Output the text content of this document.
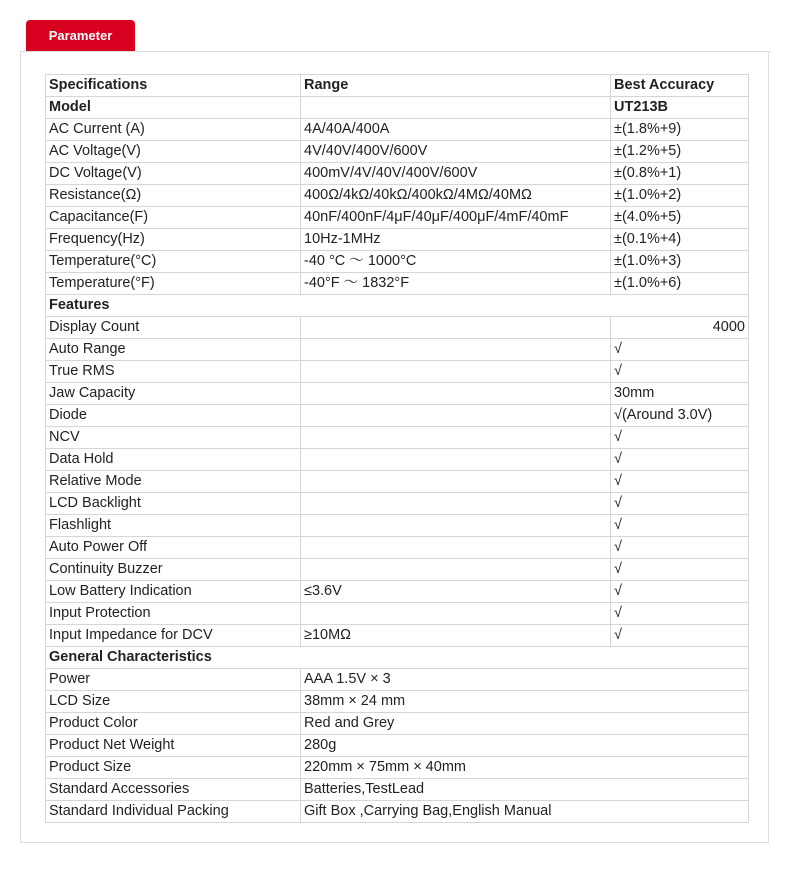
Parameter
Specifications	Range	Best Accuracy
Model		UT213B
AC Current (A)	4A/40A/400A	±(1.8%+9)
AC Voltage(V)	4V/40V/400V/600V	±(1.2%+5)
DC Voltage(V)	400mV/4V/40V/400V/600V	±(0.8%+1)
Resistance(Ω)	400Ω/4kΩ/40kΩ/400kΩ/4MΩ/40MΩ	±(1.0%+2)
Capacitance(F)	40nF/400nF/4μF/40μF/400μF/4mF/40mF	±(4.0%+5)
Frequency(Hz)	10Hz-1MHz	±(0.1%+4)
Temperature(°C)	-40 °C ～ 1000°C	±(1.0%+3)
Temperature(°F)	-40°F ～ 1832°F	±(1.0%+6)
Features		
Display Count		4000
Auto Range		√
True RMS		√
Jaw Capacity		30mm
Diode		√(Around 3.0V)
NCV		√
Data Hold		√
Relative Mode		√
LCD Backlight		√
Flashlight		√
Auto Power Off		√
Continuity Buzzer		√
Low Battery Indication	≤3.6V	√
Input Protection		√
Input Impedance for DCV	≥10MΩ	√
General Characteristics		
Power	AAA 1.5V × 3	
LCD Size	38mm × 24 mm	
Product Color	Red and Grey	
Product Net Weight	280g	
Product Size	220mm × 75mm × 40mm	
Standard Accessories	Batteries,TestLead	
Standard Individual Packing	Gift Box ,Carrying Bag,English Manual	
